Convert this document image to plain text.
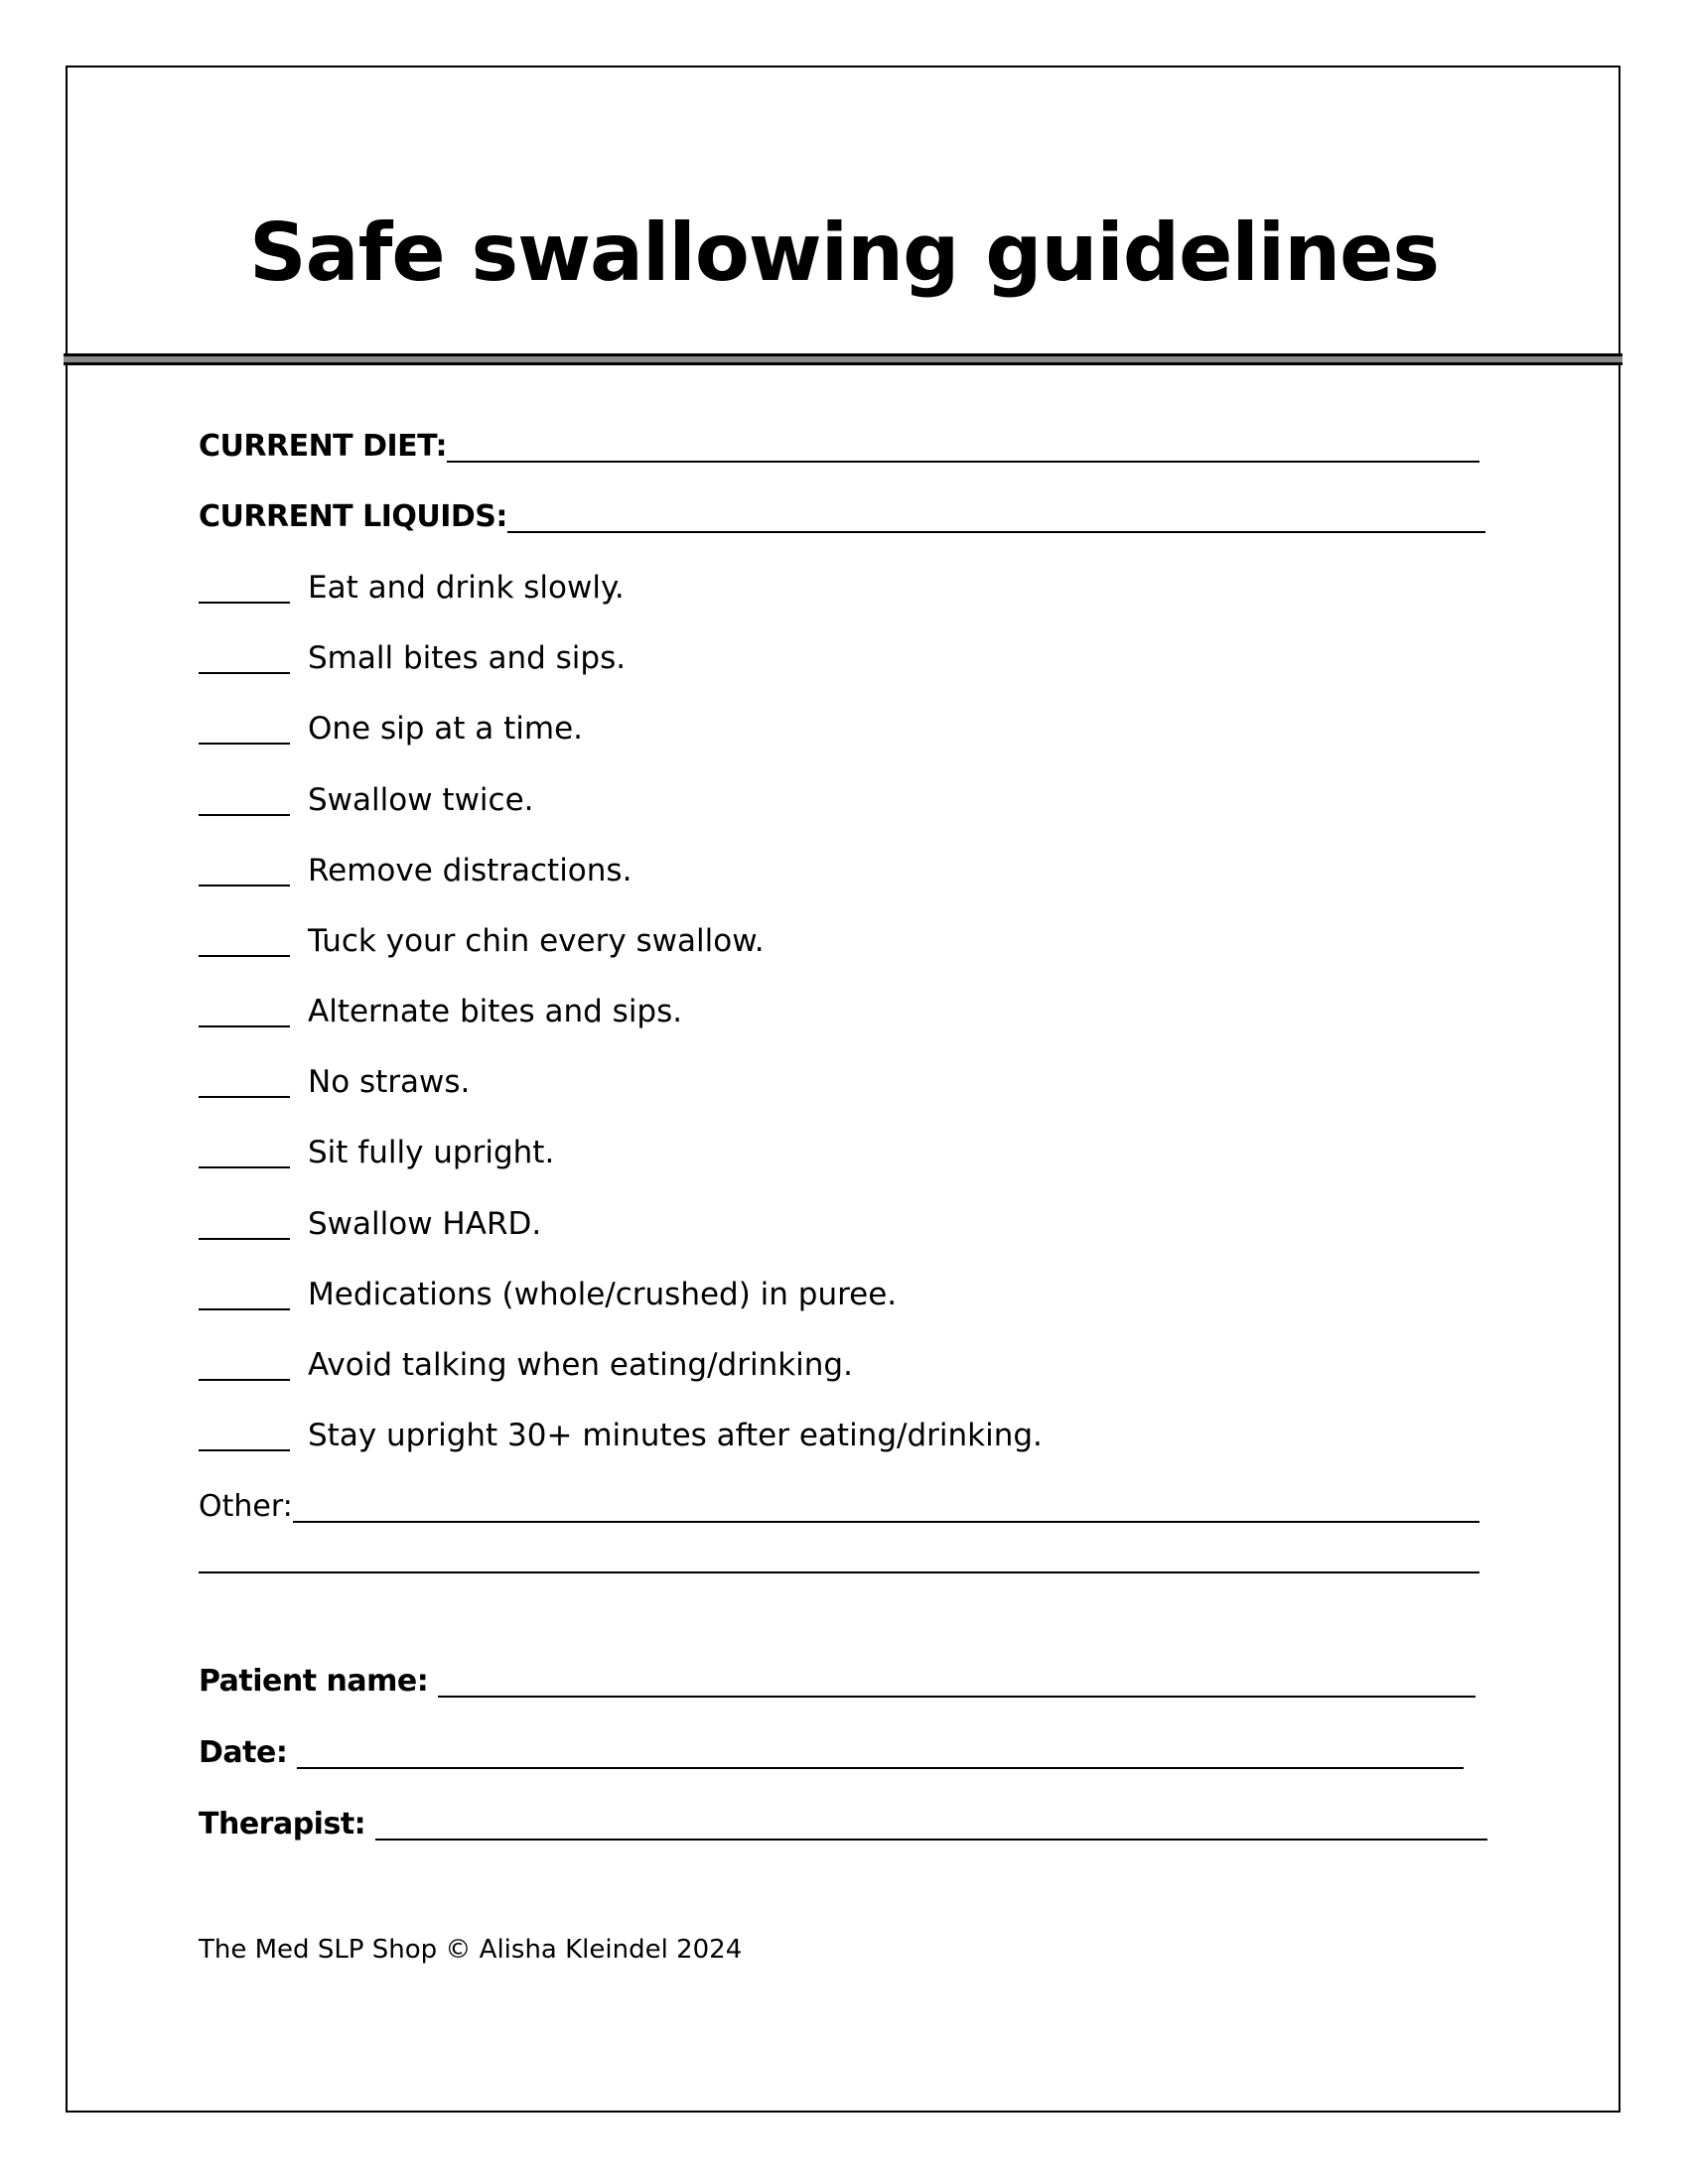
Safe swallowing guidelines
CURRENT DIET:
CURRENT LIQUIDS:
Eat and drink slowly.
Small bites and sips.
One sip at a time.
Swallow twice.
Remove distractions.
Tuck your chin every swallow.
Alternate bites and sips.
No straws.
Sit fully upright.
Swallow HARD.
Medications (whole/crushed) in puree.
Avoid talking when eating/drinking.
Stay upright 30+ minutes after eating/drinking.
Other:
Patient name:
Date:
Therapist:
The Med SLP Shop © Alisha Kleindel 2024
